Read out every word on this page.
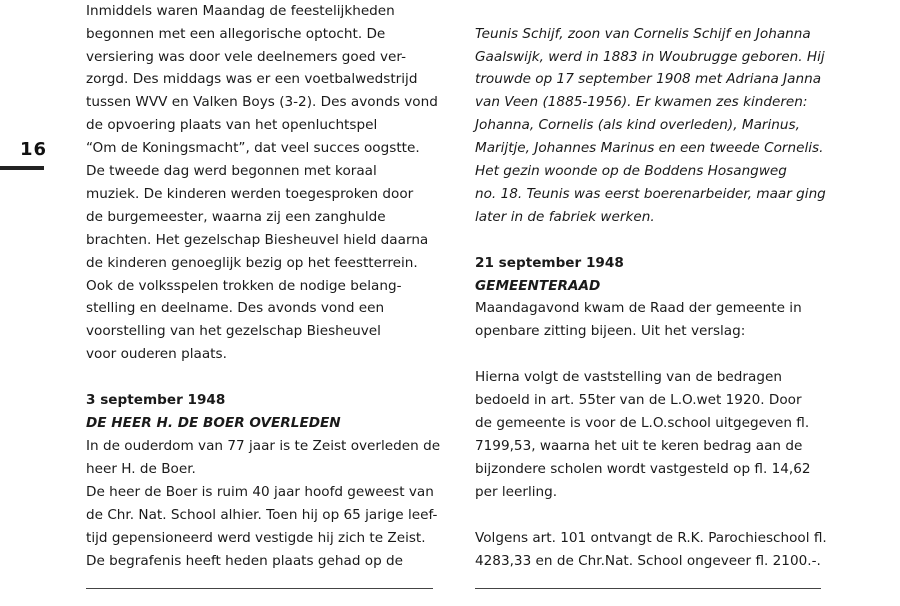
16
Inmiddels waren Maandag de feestelijkheden
begonnen met een allegorische optocht. De
versiering was door vele deelnemers goed ver-
zorgd. Des middags was er een voetbalwedstrijd
tussen WVV en Valken Boys (3-2). Des avonds vond
de opvoering plaats van het openluchtspel
“Om de Koningsmacht”, dat veel succes oogstte.
De tweede dag werd begonnen met koraal
muziek. De kinderen werden toegesproken door
de burgemeester, waarna zij een zanghulde
brachten. Het gezelschap Biesheuvel hield daarna
de kinderen genoeglijk bezig op het feestterrein.
Ook de volksspelen trokken de nodige belang-
stelling en deelname. Des avonds vond een
voorstelling van het gezelschap Biesheuvel
voor ouderen plaats.
3 september 1948
DE HEER H. DE BOER OVERLEDEN
In de ouderdom van 77 jaar is te Zeist overleden de
heer H. de Boer.
De heer de Boer is ruim 40 jaar hoofd geweest van
de Chr. Nat. School alhier. Toen hij op 65 jarige leef-
tijd gepensioneerd werd vestigde hij zich te Zeist.
De begrafenis heeft heden plaats gehad op de
Teunis Schijf, zoon van Cornelis Schijf en Johanna
Gaalswijk, werd in 1883 in Woubrugge geboren. Hij
trouwde op 17 september 1908 met Adriana Janna
van Veen (1885-1956). Er kwamen zes kinderen:
Johanna, Cornelis (als kind overleden), Marinus,
Marijtje, Johannes Marinus en een tweede Cornelis.
Het gezin woonde op de Boddens Hosangweg
no. 18. Teunis was eerst boerenarbeider, maar ging
later in de fabriek werken.
21 september 1948
GEMEENTERAAD
Maandagavond kwam de Raad der gemeente in
openbare zitting bijeen. Uit het verslag:
Hierna volgt de vaststelling van de bedragen
bedoeld in art. 55ter van de L.O.wet 1920. Door
de gemeente is voor de L.O.school uitgegeven fl.
7199,53, waarna het uit te keren bedrag aan de
bijzondere scholen wordt vastgesteld op fl. 14,62
per leerling.
Volgens art. 101 ontvangt de R.K. Parochieschool fl.
4283,33 en de Chr.Nat. School ongeveer fl. 2100.-.
